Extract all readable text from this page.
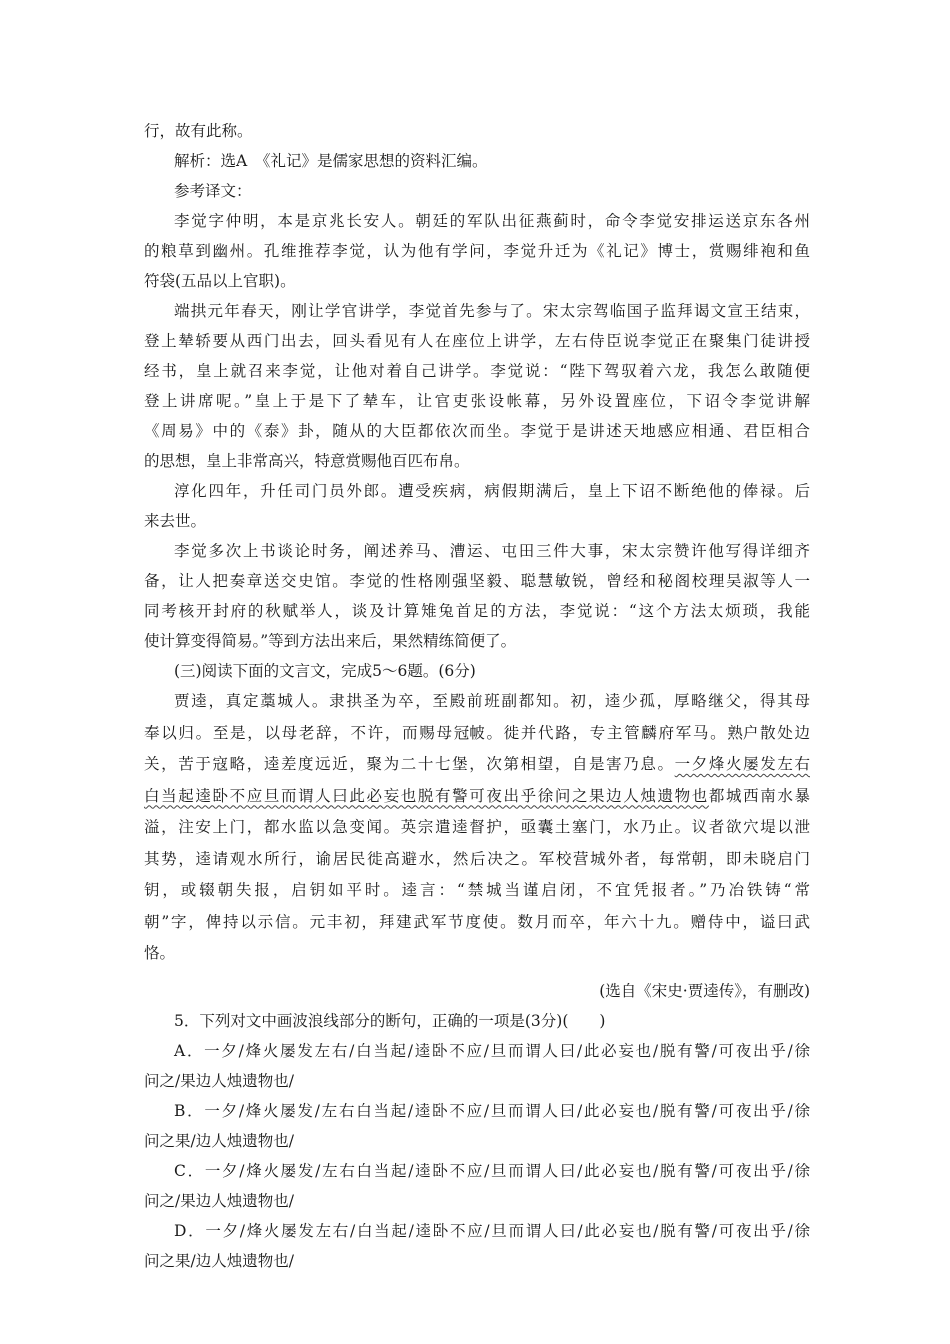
行，故有此称。
解析：选A　《礼记》是儒家思想的资料汇编。
参考译文：
李觉字仲明，本是京兆长安人。朝廷的军队出征燕蓟时，命令李觉安排运送京东各州
的粮草到幽州。孔维推荐李觉，认为他有学问，李觉升迁为《礼记》博士，赏赐绯袍和鱼
符袋(五品以上官职)。
端拱元年春天，刚让学官讲学，李觉首先参与了。宋太宗驾临国子监拜谒文宣王结束，
登上辇轿要从西门出去，回头看见有人在座位上讲学，左右侍臣说李觉正在聚集门徒讲授
经书，皇上就召来李觉，让他对着自己讲学。李觉说：“陛下驾驭着六龙，我怎么敢随便
登上讲席呢。”皇上于是下了辇车，让官吏张设帐幕，另外设置座位，下诏令李觉讲解
《周易》中的《泰》卦，随从的大臣都依次而坐。李觉于是讲述天地感应相通、君臣相合
的思想，皇上非常高兴，特意赏赐他百匹布帛。
淳化四年，升任司门员外郎。遭受疾病，病假期满后，皇上下诏不断绝他的俸禄。后
来去世。
李觉多次上书谈论时务，阐述养马、漕运、屯田三件大事，宋太宗赞许他写得详细齐
备，让人把奏章送交史馆。李觉的性格刚强坚毅、聪慧敏锐，曾经和秘阁校理吴淑等人一
同考核开封府的秋赋举人，谈及计算雉兔首足的方法，李觉说：“这个方法太烦琐，我能
使计算变得简易。”等到方法出来后，果然精练简便了。
(三)阅读下面的文言文，完成5～6题。(6分)
贾逵，真定藁城人。隶拱圣为卒，至殿前班副都知。初，逵少孤，厚略继父，得其母
奉以归。至是，以母老辞，不许，而赐母冠帔。徙并代路，专主管麟府军马。熟户散处边
关，苦于寇略，逵差度远近，聚为二十七堡，次第相望，自是害乃息。一夕烽火屡发左右
白当起逵卧不应旦而谓人曰此必妄也脱有警可夜出乎徐问之果边人烛遗物也都城西南水暴
溢，注安上门，都水监以急变闻。英宗遣逵督护，亟囊土塞门，水乃止。议者欲穴堤以泄
其势，逵请观水所行，谕居民徙高避水，然后决之。军校营城外者，每常朝，即未晓启门
钥，或辍朝失报，启钥如平时。逵言：“禁城当谨启闭，不宜凭报者。”乃冶铁铸“常
朝”字，俾持以示信。元丰初，拜建武军节度使。数月而卒，年六十九。赠侍中，谥曰武
恪。
(选自《宋史·贾逵传》，有删改)
5．下列对文中画波浪线部分的断句，正确的一项是(3分)(　　)
A．一夕/烽火屡发左右/白当起/逵卧不应/旦而谓人曰/此必妄也/脱有警/可夜出乎/徐
问之/果边人烛遗物也/
B．一夕/烽火屡发/左右白当起/逵卧不应/旦而谓人曰/此必妄也/脱有警/可夜出乎/徐
问之果/边人烛遗物也/
C．一夕/烽火屡发/左右白当起/逵卧不应/旦而谓人曰/此必妄也/脱有警/可夜出乎/徐
问之/果边人烛遗物也/
D．一夕/烽火屡发左右/白当起/逵卧不应/旦而谓人曰/此必妄也/脱有警/可夜出乎/徐
问之果/边人烛遗物也/
